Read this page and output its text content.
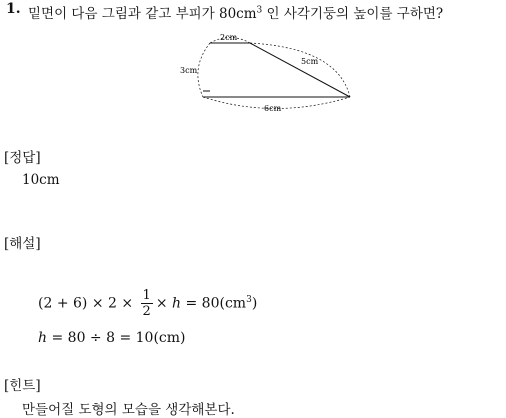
1. 밑면이 다음 그림과 같고 부피가 $80cm^3$ 인 사각기둥의 높이를 구하면?
2cm
3cm
5cm
6cm
[정답]
10cm
[해설]
$(2 + 6) \times 2 \times \frac{1}{2} \times h = 80(cm^3)$
h = 80 ÷ 8 = 10(cm)
[힌트]
만들어질 도형의 모습을 생각해본다.
